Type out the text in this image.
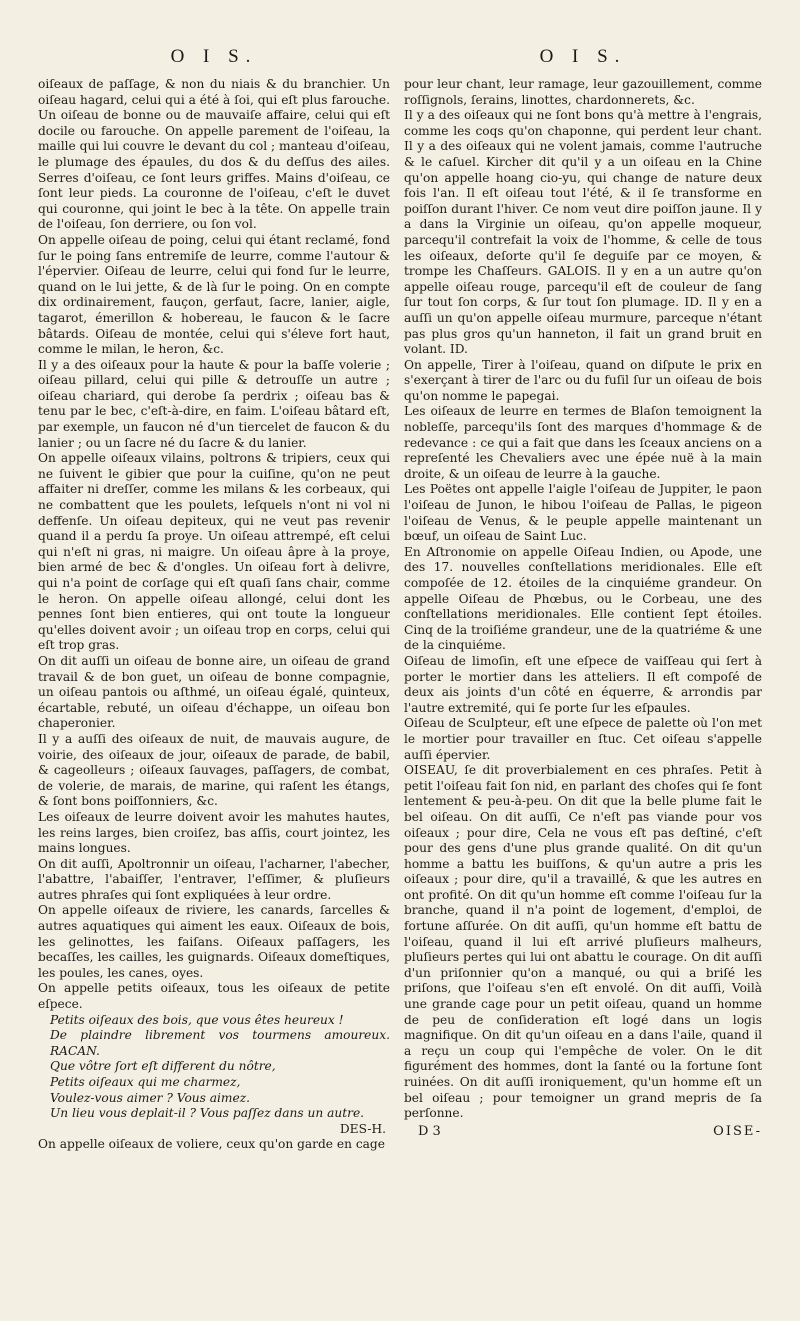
O I S.

oiſeaux de paſſage, & non du niais & du branchier. Un oiſeau hagard, celui qui a été à ſoi, qui eſt plus farouche. Un oiſeau de bonne ou de mauvaiſe affaire, celui qui eſt docile ou farouche. On appelle parement de l'oiſeau, la maille qui lui couvre le devant du col ; manteau d'oiſeau, le plumage des épaules, du dos & du deſſus des ailes. Serres d'oiſeau, ce ſont leurs griffes. Mains d'oiſeau, ce ſont leur pieds. La couronne de l'oiſeau, c'eſt le duvet qui couronne, qui joint le bec à la tête. On appelle train de l'oiſeau, ſon derriere, ou ſon vol.

On appelle oiſeau de poing, celui qui étant reclamé, fond ſur le poing ſans entremiſe de leurre, comme l'autour & l'épervier. Oiſeau de leurre, celui qui fond ſur le leurre, quand on le lui jette, & de là ſur le poing. On en compte dix ordinairement, fauçon, gerfaut, ſacre, lanier, aigle, tagarot, émerillon & hobereau, le faucon & le ſacre bâtards. Oiſeau de montée, celui qui s'éleve fort haut, comme le milan, le heron, &c.

Il y a des oiſeaux pour la haute & pour la baſſe volerie ; oiſeau pillard, celui qui pille & detrouſſe un autre ; oiſeau chariard, qui derobe ſa perdrix ; oiſeau bas & tenu par le bec, c'eſt-à-dire, en faim. L'oiſeau bâtard eſt, par exemple, un faucon né d'un tiercelet de faucon & du lanier ; ou un ſacre né du ſacre & du lanier.

On appelle oiſeaux vilains, poltrons & tripiers, ceux qui ne ſuivent le gibier que pour la cuiſine, qu'on ne peut affaiter ni dreſſer, comme les milans & les corbeaux, qui ne combattent que les poulets, leſquels n'ont ni vol ni deffenſe. Un oiſeau depiteux, qui ne veut pas revenir quand il a perdu ſa proye. Un oiſeau attrempé, eſt celui qui n'eſt ni gras, ni maigre. Un oiſeau âpre à la proye, bien armé de bec & d'ongles. Un oiſeau fort à delivre, qui n'a point de corſage qui eſt quaſi ſans chair, comme le heron. On appelle oiſeau allongé, celui dont les pennes ſont bien entieres, qui ont toute la longueur qu'elles doivent avoir ; un oiſeau trop en corps, celui qui eſt trop gras.

On dit auſſi un oiſeau de bonne aire, un oiſeau de grand travail & de bon guet, un oiſeau de bonne compagnie, un oiſeau pantois ou aſthmé, un oiſeau égalé, quinteux, écartable, rebuté, un oiſeau d'échappe, un oiſeau bon chaperonier.

Il y a auſſi des oiſeaux de nuit, de mauvais augure, de voirie, des oiſeaux de jour, oiſeaux de parade, de babil, & cageolleurs ; oiſeaux ſauvages, paſſagers, de combat, de volerie, de marais, de marine, qui raſent les étangs, & ſont bons poiſſonniers, &c.

Les oiſeaux de leurre doivent avoir les mahutes hautes, les reins larges, bien croiſez, bas aſſis, court jointez, les mains longues.

On dit auſſi, Apoltronnir un oiſeau, l'acharner, l'abecher, l'abattre, l'abaiſſer, l'entraver, l'eſſimer, & pluſieurs autres phraſes qui ſont expliquées à leur ordre.

On appelle oiſeaux de riviere, les canards, ſarcelles & autres aquatiques qui aiment les eaux. Oiſeaux de bois, les gelinottes, les faiſans. Oiſeaux paſſagers, les becaſſes, les cailles, les guignards. Oiſeaux domeſtiques, les poules, les canes, oyes.

On appelle petits oiſeaux, tous les oiſeaux de petite eſpece.

Petits oiſeaux des bois, que vous êtes heureux !

De plaindre librement vos tourmens amoureux. RACAN.

Que vôtre ſort eſt different du nôtre,

Petits oiſeaux qui me charmez,

Voulez-vous aimer ? Vous aimez.

Un lieu vous deplait-il ? Vous paſſez dans un autre.

DES-H.

On appelle oiſeaux de voliere, ceux qu'on garde en cage

O I S.

pour leur chant, leur ramage, leur gazouillement, comme roſſignols, ſerains, linottes, chardonnerets, &c.

Il y a des oiſeaux qui ne ſont bons qu'à mettre à l'engrais, comme les coqs qu'on chaponne, qui perdent leur chant. Il y a des oiſeaux qui ne volent jamais, comme l'autruche & le caſuel. Kircher dit qu'il y a un oiſeau en la Chine qu'on appelle hoang cio-yu, qui change de nature deux fois l'an. Il eſt oiſeau tout l'été, & il ſe transforme en poiſſon durant l'hiver. Ce nom veut dire poiſſon jaune. Il y a dans la Virginie un oiſeau, qu'on appelle moqueur, parcequ'il contrefait la voix de l'homme, & celle de tous les oiſeaux, deſorte qu'il ſe deguiſe par ce moyen, & trompe les Chaſſeurs. GALOIS. Il y en a un autre qu'on appelle oiſeau rouge, parcequ'il eſt de couleur de ſang ſur tout ſon corps, & ſur tout ſon plumage. ID. Il y en a auſſi un qu'on appelle oiſeau murmure, parceque n'étant pas plus gros qu'un hanneton, il fait un grand bruit en volant. ID.

On appelle, Tirer à l'oiſeau, quand on diſpute le prix en s'exerçant à tirer de l'arc ou du fuſil ſur un oiſeau de bois qu'on nomme le papegai.

Les oiſeaux de leurre en termes de Blaſon temoignent la nobleſſe, parcequ'ils ſont des marques d'hommage & de redevance : ce qui a fait que dans les ſceaux anciens on a repreſenté les Chevaliers avec une épée nuë à la main droite, & un oiſeau de leurre à la gauche.

Les Poëtes ont appelle l'aigle l'oiſeau de Juppiter, le paon l'oiſeau de Junon, le hibou l'oiſeau de Pallas, le pigeon l'oiſeau de Venus, & le peuple appelle maintenant un bœuf, un oiſeau de Saint Luc.

En Aſtronomie on appelle Oiſeau Indien, ou Apode, une des 17. nouvelles conſtellations meridionales. Elle eſt compoſée de 12. étoiles de la cinquiéme grandeur. On appelle Oiſeau de Phœbus, ou le Corbeau, une des conſtellations meridionales. Elle contient ſept étoiles. Cinq de la troiſiéme grandeur, une de la quatriéme & une de la cinquiéme.

Oiſeau de limoſin, eſt une eſpece de vaiſſeau qui ſert à porter le mortier dans les atteliers. Il eſt compoſé de deux ais joints d'un côté en équerre, & arrondis par l'autre extremité, qui ſe porte ſur les eſpaules.

Oiſeau de Sculpteur, eſt une eſpece de palette où l'on met le mortier pour travailler en ſtuc. Cet oiſeau s'appelle auſſi épervier.

OISEAU, ſe dit proverbialement en ces phraſes. Petit à petit l'oiſeau fait ſon nid, en parlant des choſes qui ſe font lentement & peu-à-peu. On dit que la belle plume fait le bel oiſeau. On dit auſſi, Ce n'eſt pas viande pour vos oiſeaux ; pour dire, Cela ne vous eſt pas deſtiné, c'eſt pour des gens d'une plus grande qualité. On dit qu'un homme a battu les buiſſons, & qu'un autre a pris les oiſeaux ; pour dire, qu'il a travaillé, & que les autres en ont profité. On dit qu'un homme eſt comme l'oiſeau ſur la branche, quand il n'a point de logement, d'emploi, de fortune aſſurée. On dit auſſi, qu'un homme eſt battu de l'oiſeau, quand il lui eſt arrivé pluſieurs malheurs, pluſieurs pertes qui lui ont abattu le courage. On dit auſſi d'un priſonnier qu'on a manqué, ou qui a briſé les priſons, que l'oiſeau s'en eſt envolé. On dit auſſi, Voilà une grande cage pour un petit oiſeau, quand un homme de peu de conſideration eſt logé dans un logis magnifique. On dit qu'un oiſeau en a dans l'aile, quand il a reçu un coup qui l'empêche de voler. On le dit figurément des hommes, dont la ſanté ou la fortune ſont ruinées. On dit auſſi ironiquement, qu'un homme eſt un bel oiſeau ; pour temoigner un grand mepris de ſa perſonne.

D 3	OISE-
